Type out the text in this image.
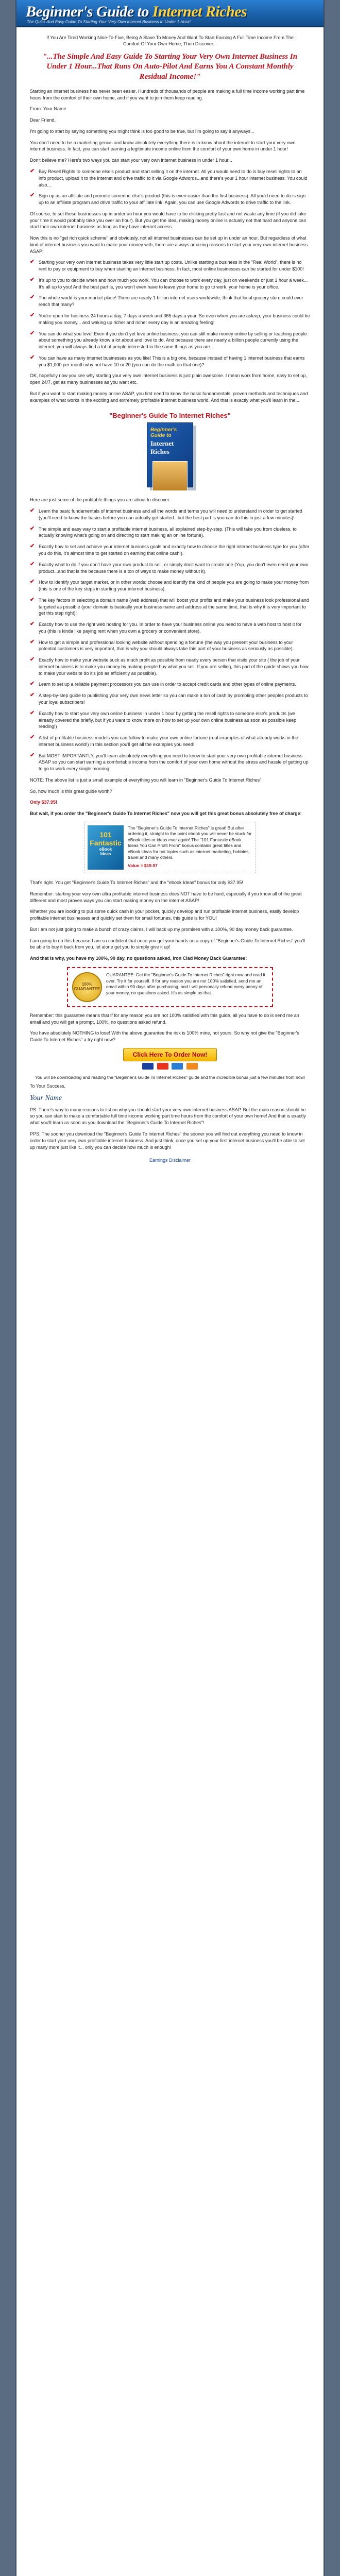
Beginner's Guide to Internet Riches
The Quick And Easy Guide To Starting Your Very Own Internet Business In Under 1 Hour!
If You Are Tired Working Nine-To-Five, Being A Slave To Money And Want To Start Earning A Full Time Income From The Comfort Of Your Own Home, Then Discover...
"...The Simple And Easy Guide To Starting Your Very Own Internet Business In Under 1 Hour...That Runs On Auto-Pilot And Earns You A Constant Monthly Residual Income!"

Starting an internet business has never been easier. Hundreds of thousands of people are making a full time income working part time hours from the comfort of their own home, and if you want to join them keep reading.

From: Your Name

Dear Friend,

I'm going to start by saying something you might think is too good to be true, but I'm going to say it anyways...

You don't need to be a marketing genius and know absolutely everything there is to know about the internet to start your very own internet business. In fact, you can start earning a legitimate income online from the comfort of your own home in under 1 hour!

Don't believe me? Here's two ways you can start your very own internet business in under 1 hour...

✔ Buy Resell Rights to someone else's product and start selling it on the internet. All you would need to do is buy resell rights to an info product, upload it to the internet and drive traffic to it via Google Adwords...and there's your 1 hour internet business. You could also...
✔ Sign up as an affiliate and promote someone else's product (this is even easier than the first business). All you'd need to do is sign up to an affiliate program and drive traffic to your affiliate link. Again, you can use Google Adwords to drive traffic to the link.

Of course, to set these businesses up in under an hour you would have to be clicking pretty fast and not waste any time (if you did take your time it would probably take you over an hour). But you get the idea, making money online is actually not that hard and anyone can start their own internet business as long as they have internet access.

Now this is no "get rich quick scheme" and obviously, not all internet businesses can be set up in under an hour. But regardless of what kind of internet business you want to make your money with, there are always amazing reasons to start your very own internet business ASAP:

✔ Starting your very own internet business takes very little start up costs. Unlike starting a business in the "Real World", there is no rent to pay or equipment to buy when starting an internet business. In fact, most online businesses can be started for under $100!
✔ It's up to you to decide when and how much you work. You can choose to work every day, just on weekends or just 1 hour a week... It's all up to you! And the best part is, you won't even have to leave your home to go to work, your home is your office.
✔ The whole world is your market place! There are nearly 1 billion internet users worldwide, think that local grocery store could ever reach that many?
✔ You're open for business 24 hours a day, 7 days a week and 365 days a year. So even when you are asleep, your business could be making you money... and waking up richer and richer every day is an amazing feeling!
✔ You can do what you love! Even if you don't yet love online business, you can still make money online by selling or teaching people about something you already know a lot about and love to do. And because there are nearly a billion people currently using the internet, you will always find a lot of people interested in the same things as you are.
✔ You can have as many internet businesses as you like! This is a big one, because instead of having 1 internet business that earns you $1,000 per month why not have 10 or 20 (you can do the math on that one)?

OK, hopefully now you see why starting your very own internet business is just plain awesome. I mean work from home, easy to set up, open 24/7, get as many businesses as you want etc.

But if you want to start making money online ASAP, you first need to know the basic fundamentals, proven methods and techniques and examples of what works in the exciting and extremely profitable internet business world. And that is exactly what you'll learn in the...

"Beginner's Guide To Internet Riches"
Beginner's Guide to
Internet Riches

Here are just some of the profitable things you are about to discover:

✔ Learn the basic fundamentals of internet business and all the words and terms you will need to understand in order to get started (you'll need to know the basics before you can actually get started...but the best part is you can do this in just a few minutes)!
✔ The simple and easy way to start a profitable internet business, all explained step-by-step. (This will take you from clueless, to actually knowing what's going on and directing to start making an online fortune).
✔ Exactly how to set and achieve your internet business goals and exactly how to choose the right internet business type for you (after you do this, it's almost time to get started on earning that online cash!).
✔ Exactly what to do if you don't have your own product to sell, or simply don't want to create one (Yup, you don't even need your own product...and that is the because there is a ton of ways to make money without it).
✔ How to identify your target market, or in other words: choose and identify the kind of people you are going to make your money from (this is one of the key steps in starting your internet business).
✔ The key factors in selecting a domain name (web address) that will boost your profits and make your business look professional and targeted as possible (your domain is basically your business name and address at the same time, that is why it is very important to get this step right)!
✔ Exactly how to use the right web hosting for you. In order to have your business online you need to have a web host to host it for you (this is kinda like paying rent when you own a grocery or convenient store).
✔ How to get a simple and professional looking website without spending a fortune (the way you present your business to your potential customers is very important, that is why you should always take this part of your business as seriously as possible).
✔ Exactly how to make your website suck as much profit as possible from nearly every person that visits your site ( the job of your internet business is to make you money by making people buy what you sell. If you are selling, this part of the guide shows you how to make your website do it's job as efficiently as possible).
✔ Learn to set up a reliable payment processors you can use in order to accept credit cards and other types of online payments.
✔ A step-by-step guide to publishing your very own news letter so you can make a ton of cash by promoting other peoples products to your loyal subscribers!
✔ Exactly how to start your very own online business in under 1 hour by getting the resell rights to someone else's products (we already covered the briefly, but if you want to know more on how to set up your own online business as soon as possible keep reading!)
✔ A list of profitable business models you can follow to make your own online fortune (real examples of what already works in the internet business world!) In this section you'll get all the examples you need!
✔ But MOST IMPORTANTLY, you'll learn absolutely everything you need to know to start your very own profitable internet business ASAP so you can start earning a comfortable income from the comfort of your own home without the stress and hassle of getting up to go to work every single morning!

NOTE: The above list is just a small example of everything you will learn in "Beginner's Guide To Internet Riches"

So, how much is this great guide worth?

Only $37.95!

But wait, if you order the "Beginner's Guide To Internet Riches" now you will get this great bonus absolutely free of charge:

101 Fantastic
eBook
Ideas
The "Beginner's Guide To Internet Riches" is great! But after ordering it, straight to the point ebook you will never be stuck for eBook titles or ideas ever again! The "101 Fantastic eBook Ideas You Can Profit From" bonus contains great titles and eBook ideas for hot topics such as internet marketing, hobbies, travel and many others.
Value = $19.97

That's right. You get "Beginner's Guide To Internet Riches" and the "ebook Ideas" bonus for only $37.95!

Remember: starting your very own ultra profitable internet business does NOT have to be hard, especially if you know all of the great different and most proven ways you can start making money on the internet ASAP!

Whether you are looking to put some quick cash in your pocket, quickly develop and run profitable internet business, easily develop profitable internet businesses and quickly set them for small fortunes, this guide is for YOU!

But I am not just going to make a bunch of crazy claims, I will back up my promises with a 100%, 90 day money back guarantee.

I am going to do this because I am so confident that once you get your hands on a copy of "Beginner's Guide To Internet Riches" you'll be able to buy it back from you, let alone get you to simply give it up!

And that is why, you have my 100%, 90 day, no questions asked, Iron Clad Money Back Guarantee:

100% GUARANTEE
GUARANTEE: Get the "Beginner's Guide To Internet Riches" right now and read it over. Try it for yourself. If for any reason you are not 100% satisfied, send me an email within 90 days after purchasing, and I will personally refund every penny of your money, no questions asked. It's as simple as that.

Remember: this guarantee means that if for any reason you are not 100% satisfied with this guide, all you have to do is send me an email and you will get a prompt, 100%, no questions asked refund.

You have absolutely NOTHING to lose! With the above guarantee the risk is 100% mine, not yours. So why not give the "Beginner's Guide To Internet Riches" a try right now?

Click Here To Order Now!

You will be downloading and reading the "Beginner's Guide To Internet Riches" guide and the incredible bonus just a few minutes from now!

To Your Success,

Your Name

PS: There's way to many reasons to list on why you should start your very own internet business ASAP. But the main reason should be so you can start to make a comfortable full time income working part time hours from the comfort of your own home! And that is exactly what you'll learn as soon as you download the "Beginner's Guide To Internet Riches"!

PPS: The sooner you download the "Beginner's Guide To Internet Riches" the sooner you will find out everything you need to know in order to start your very own profitable internet business. And just think, once you set up your first internet business you'll be able to set up many more just like it... only you can decide how much is enough!

Earnings Disclaimer
